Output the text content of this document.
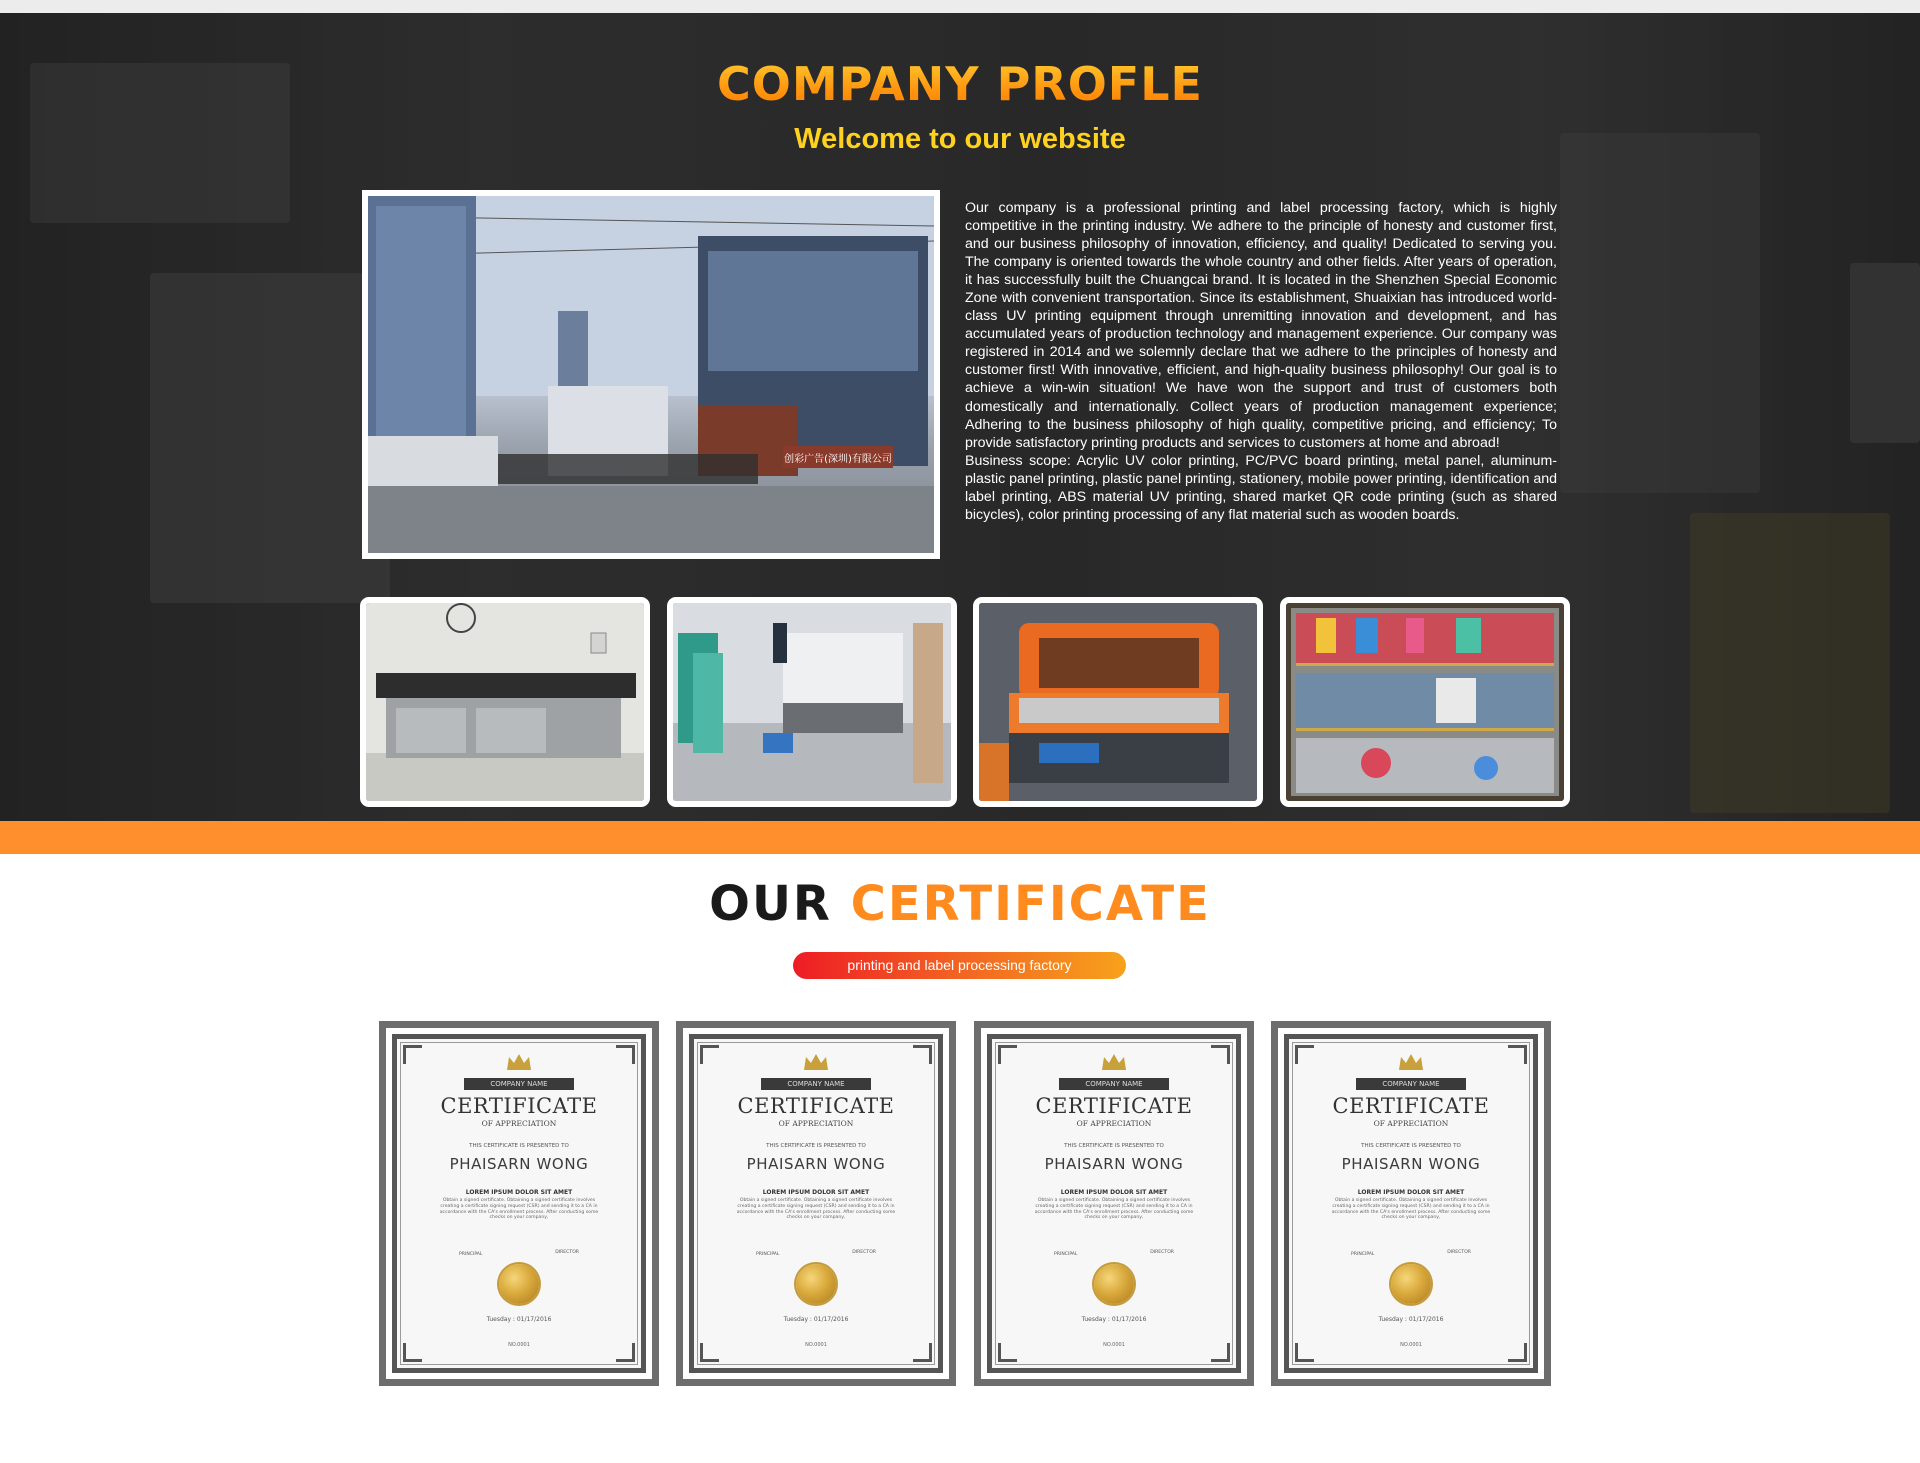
COMPANY PROFLE
Welcome to our website
创彩广告(深圳)有限公司

Our company is a professional printing and label processing factory, which is highly competitive in the printing industry. We adhere to the principle of honesty and customer first, and our business philosophy of innovation, efficiency, and quality! Dedicated to serving you. The company is oriented towards the whole country and other fields. After years of operation, it has successfully built the Chuangcai brand. It is located in the Shenzhen Special Economic Zone with convenient transportation. Since its establishment, Shuaixian has introduced world-class UV printing equipment through unremitting innovation and development, and has accumulated years of production technology and management experience. Our company was registered in 2014 and we solemnly declare that we adhere to the principles of honesty and customer first! With innovative, efficient, and high-quality business philosophy! Our goal is to achieve a win-win situation! We have won the support and trust of customers both domestically and internationally. Collect years of production management experience; Adhering to the business philosophy of high quality, competitive pricing, and efficiency; To provide satisfactory printing products and services to customers at home and abroad!

Business scope: Acrylic UV color printing, PC/PVC board printing, metal panel, aluminum-plastic panel printing, plastic panel printing, stationery, mobile power printing, identification and label printing, ABS material UV printing, shared market QR code printing (such as shared bicycles), color printing processing of any flat material such as wooden boards.

OUR CERTIFICATE
printing and label processing factory
COMPANY NAME
CERTIFICATE
OF APPRECIATION
THIS CERTIFICATE IS PRESENTED TO
PHAISARN WONG
LOREM IPSUM DOLOR SIT AMET
Obtain a signed certificate. Obtaining a signed certificate involves creating a certificate signing request (CSR) and sending it to a CA in accordance with the CA's enrollment process. After conducting some checks on your company,
PRINCIPAL	DIRECTOR
Tuesday : 01/17/2016
NO.0001
COMPANY NAME
CERTIFICATE
OF APPRECIATION
THIS CERTIFICATE IS PRESENTED TO
PHAISARN WONG
LOREM IPSUM DOLOR SIT AMET
Obtain a signed certificate. Obtaining a signed certificate involves creating a certificate signing request (CSR) and sending it to a CA in accordance with the CA's enrollment process. After conducting some checks on your company,
PRINCIPAL	DIRECTOR
Tuesday : 01/17/2016
NO.0001
COMPANY NAME
CERTIFICATE
OF APPRECIATION
THIS CERTIFICATE IS PRESENTED TO
PHAISARN WONG
LOREM IPSUM DOLOR SIT AMET
Obtain a signed certificate. Obtaining a signed certificate involves creating a certificate signing request (CSR) and sending it to a CA in accordance with the CA's enrollment process. After conducting some checks on your company,
PRINCIPAL	DIRECTOR
Tuesday : 01/17/2016
NO.0001
COMPANY NAME
CERTIFICATE
OF APPRECIATION
THIS CERTIFICATE IS PRESENTED TO
PHAISARN WONG
LOREM IPSUM DOLOR SIT AMET
Obtain a signed certificate. Obtaining a signed certificate involves creating a certificate signing request (CSR) and sending it to a CA in accordance with the CA's enrollment process. After conducting some checks on your company,
PRINCIPAL	DIRECTOR
Tuesday : 01/17/2016
NO.0001
